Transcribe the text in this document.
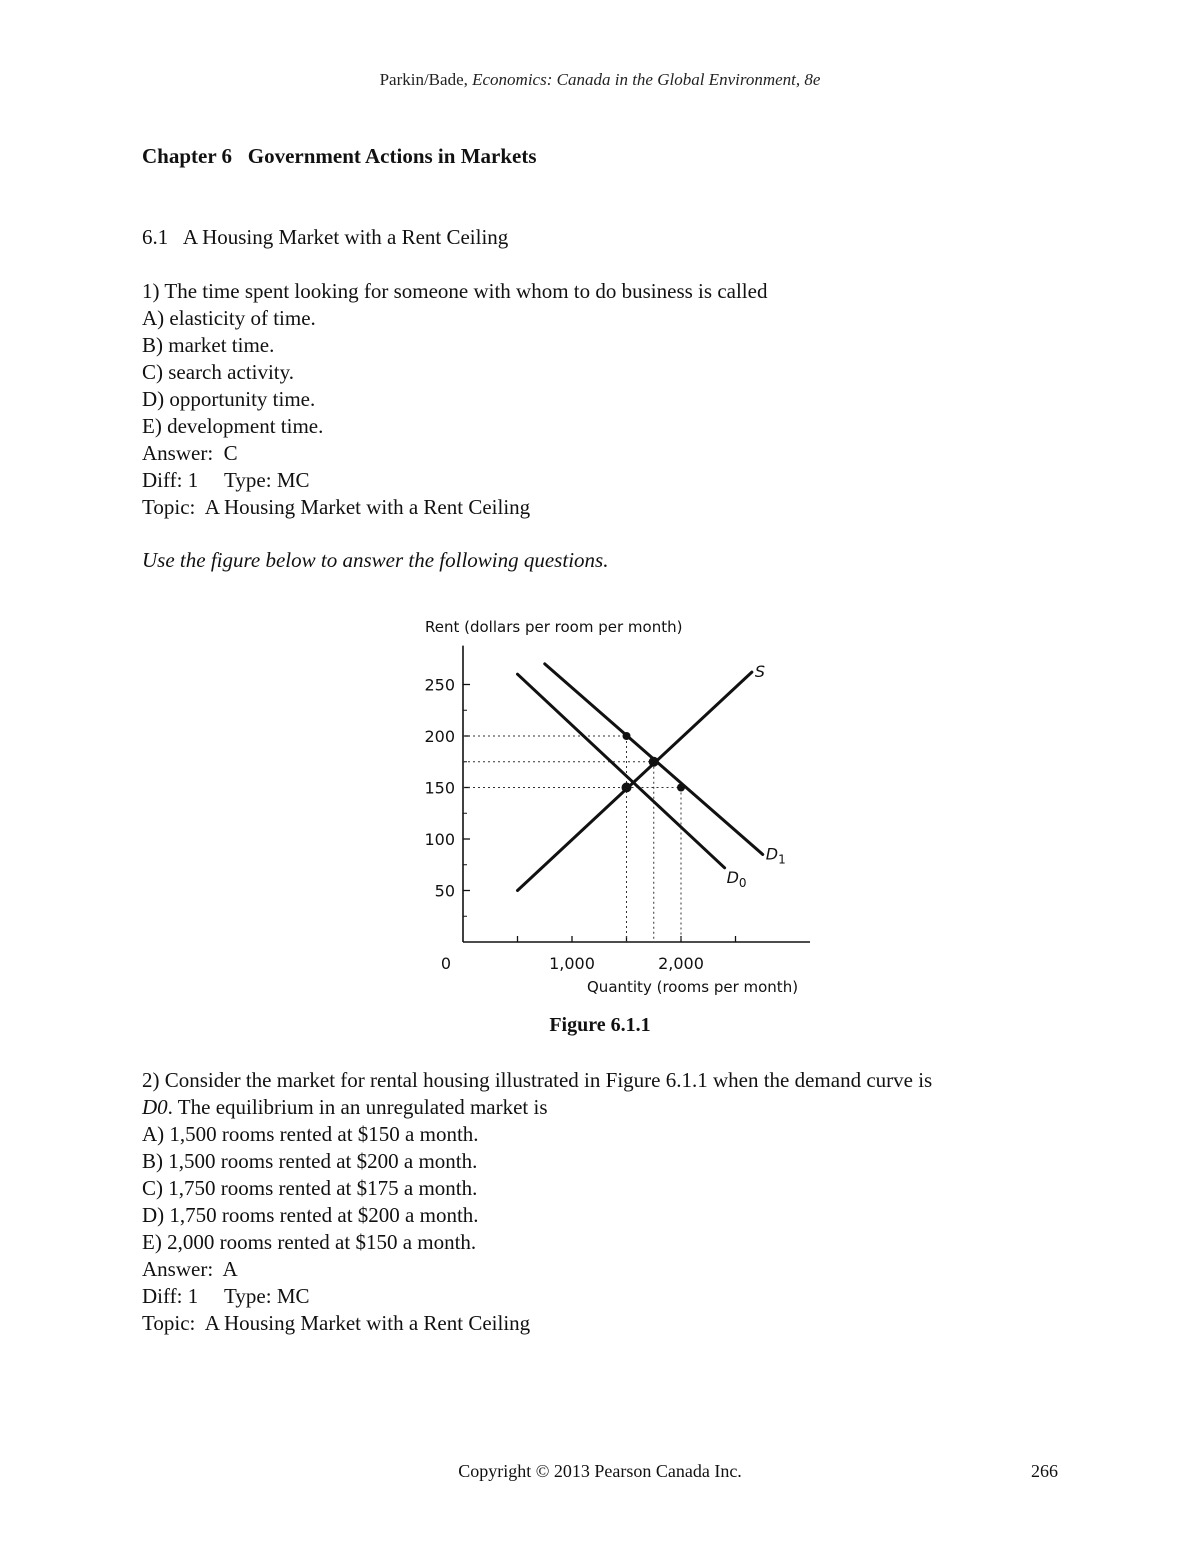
Parkin/Bade, Economics: Canada in the Global Environment, 8e
Chapter 6   Government Actions in Markets
6.1   A Housing Market with a Rent Ceiling
1) The time spent looking for someone with whom to do business is called
A) elasticity of time.
B) market time.
C) search activity.
D) opportunity time.
E) development time.
Answer:  C
Diff: 1     Type: MC
Topic:  A Housing Market with a Rent Ceiling
Use the figure below to answer the following questions.
50
100
150
200
250
0	1,000	2,000
Rent (dollars per room per month)
Quantity (rooms per month)
S
$D_0$
$D_1$
Figure 6.1.1
2) Consider the market for rental housing illustrated in Figure 6.1.1 when the demand curve is
D0. The equilibrium in an unregulated market is
A) 1,500 rooms rented at $150 a month.
B) 1,500 rooms rented at $200 a month.
C) 1,750 rooms rented at $175 a month.
D) 1,750 rooms rented at $200 a month.
E) 2,000 rooms rented at $150 a month.
Answer:  A
Diff: 1     Type: MC
Topic:  A Housing Market with a Rent Ceiling
Copyright © 2013 Pearson Canada Inc.	266
